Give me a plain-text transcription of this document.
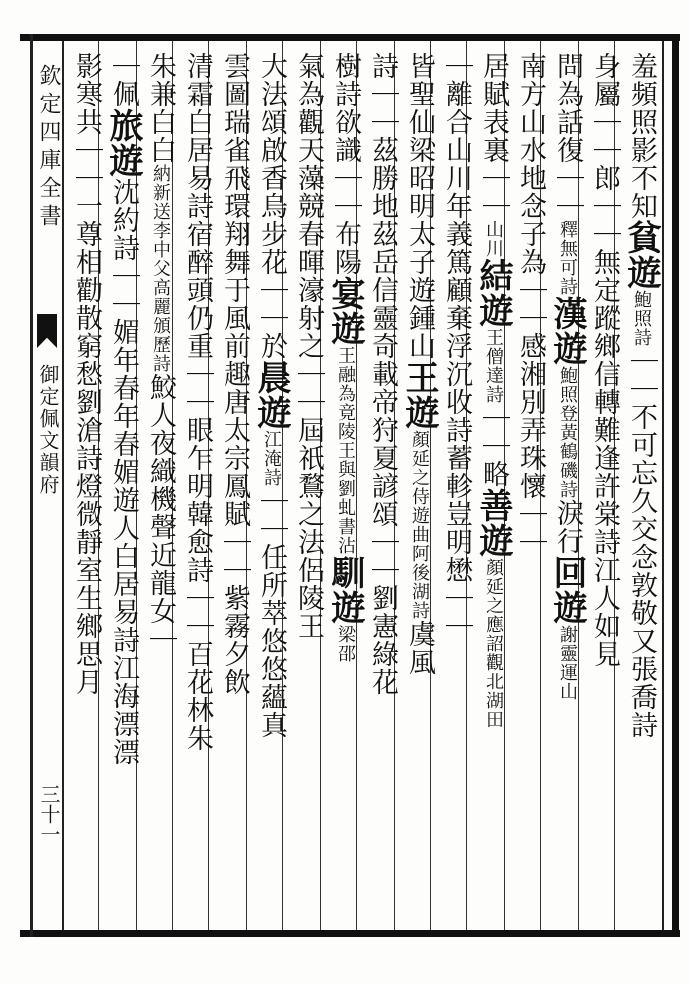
欽定四庫全書
御定佩文韻府
三十一
羞頻照影不知貧遊鮑照詩｜｜不可忘久交念敦敬又張喬詩
身屬｜｜郎｜｜無定蹤鄉信轉難逢許棠詩江人如見
問為話復｜｜釋無可詩漢遊鮑照登黃鶴磯詩淚行回遊謝靈運山
南方山水地念子為｜｜感湘別弄珠懷｜｜
居賦表裏｜｜山川結遊王僧達詩｜｜略善遊顏延之應詔觀北湖田
｜離合山川年義篤顧棄浮沉收詩蓄軫豈明懋｜｜
皆聖仙梁昭明太子遊鍾山王遊顏延之侍遊曲阿後湖詩虞風
詩｜｜茲勝地茲岳信靈奇載帝狩夏諺頌｜｜劉憲綠花
樹詩欲識｜｜布陽宴遊王融為竟陵王與劉虬書沾馴遊梁邵
氣為觀天藻競春暉濠射之｜｜屆祇鶩之法侶陵王
大法頌啟香烏步花｜｜於晨遊江淹詩｜｜任所萃悠悠蘊真
雲圖瑞雀飛環翔舞于風前趣唐太宗鳳賦｜｜紫霧夕飲
清霜白居易詩宿醉頭仍重｜｜眼乍明韓愈詩｜｜百花林朱
朱兼白白納新送李中父高麗頒歷詩鮫人夜織機聲近龍女｜
｜佩旅遊沈約詩｜｜媚年春年春媚遊人白居易詩江海漂漂
影寒共｜｜一尊相勸散窮愁劉滄詩燈微靜室生鄉思月
